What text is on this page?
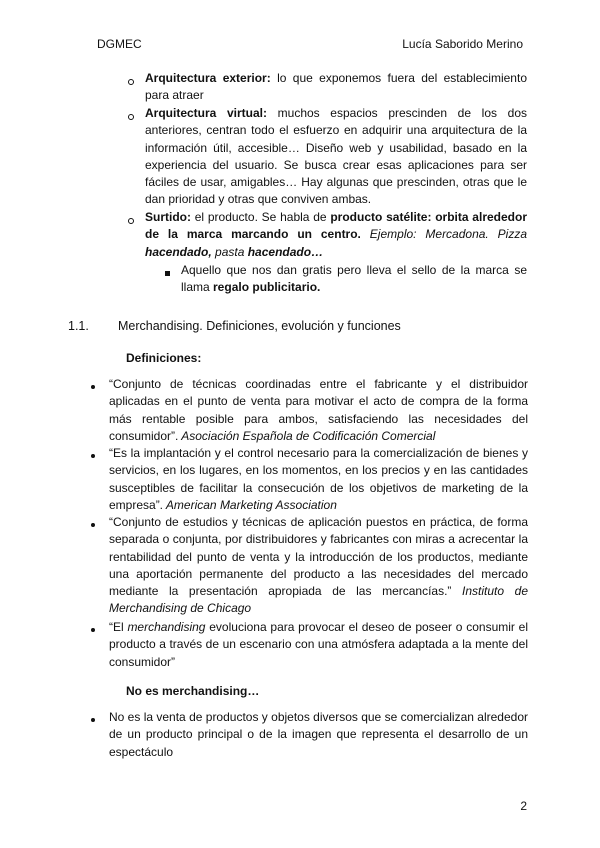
DGMEC	Lucía Saborido Merino
Arquitectura exterior: lo que exponemos fuera del establecimiento para atraer
Arquitectura virtual: muchos espacios prescinden de los dos anteriores, centran todo el esfuerzo en adquirir una arquitectura de la información útil, accesible… Diseño web y usabilidad, basado en la experiencia del usuario. Se busca crear esas aplicaciones para ser fáciles de usar, amigables… Hay algunas que prescinden, otras que le dan prioridad y otras que conviven ambas.
Surtido: el producto. Se habla de producto satélite: orbita alrededor de la marca marcando un centro. Ejemplo: Mercadona. Pizza hacendado, pasta hacendado…
Aquello que nos dan gratis pero lleva el sello de la marca se llama regalo publicitario.
1.1. Merchandising. Definiciones, evolución y funciones
Definiciones:
“Conjunto de técnicas coordinadas entre el fabricante y el distribuidor aplicadas en el punto de venta para motivar el acto de compra de la forma más rentable posible para ambos, satisfaciendo las necesidades del consumidor”. Asociación Española de Codificación Comercial
“Es la implantación y el control necesario para la comercialización de bienes y servicios, en los lugares, en los momentos, en los precios y en las cantidades susceptibles de facilitar la consecución de los objetivos de marketing de la empresa”. American Marketing Association
“Conjunto de estudios y técnicas de aplicación puestos en práctica, de forma separada o conjunta, por distribuidores y fabricantes con miras a acrecentar la rentabilidad del punto de venta y la introducción de los productos, mediante una aportación permanente del producto a las necesidades del mercado mediante la presentación apropiada de las mercancías.” Instituto de Merchandising de Chicago
“El merchandising evoluciona para provocar el deseo de poseer o consumir el producto a través de un escenario con una atmósfera adaptada a la mente del consumidor”
No es merchandising…
No es la venta de productos y objetos diversos que se comercializan alrededor de un producto principal o de la imagen que representa el desarrollo de un espectáculo
2
